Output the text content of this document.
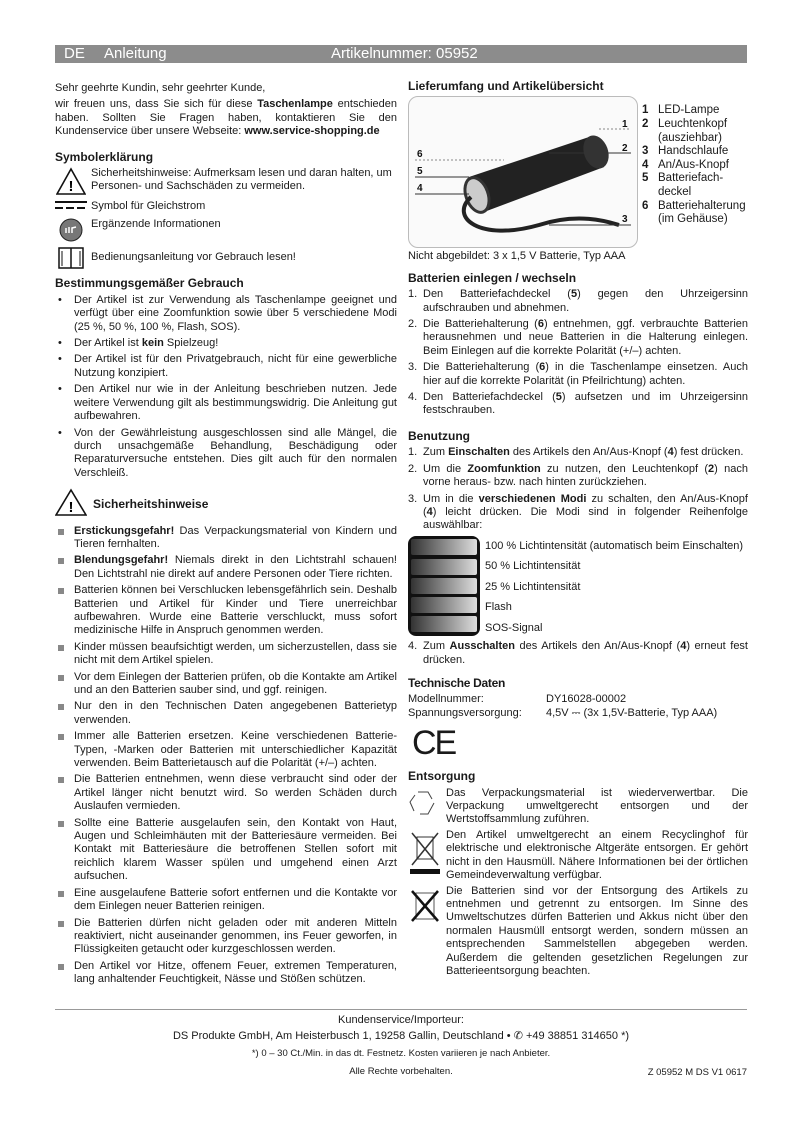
DE Anleitung	Artikelnummer: 05952

Sehr geehrte Kundin, sehr geehrter Kunde,

wir freuen uns, dass Sie sich für diese Taschenlampe entschieden haben. Sollten Sie Fragen haben, kontaktieren Sie den Kundenservice über unsere Webseite: www.service-shopping.de

Symbolerklärung
!
Sicherheitshinweise: Aufmerksam lesen und daran halten, um Personen- und Sachschäden zu vermeiden.
Symbol für Gleichstrom
Ergänzende Informationen
Bedienungsanleitung vor Gebrauch lesen!
Bestimmungsgemäßer Gebrauch
• Der Artikel ist zur Verwendung als Taschenlampe geeignet und verfügt über eine Zoomfunktion sowie über 5 verschiedene Modi (25 %, 50 %, 100 %, Flash, SOS).
• Der Artikel ist kein Spielzeug!
• Der Artikel ist für den Privatgebrauch, nicht für eine gewerbliche Nutzung konzipiert.
• Den Artikel nur wie in der Anleitung beschrieben nutzen. Jede weitere Verwendung gilt als bestimmungswidrig. Die Anleitung gut aufbewahren.
• Von der Gewährleistung ausgeschlossen sind alle Mängel, die durch unsachgemäße Behandlung, Beschädigung oder Reparaturversuche entstehen. Dies gilt auch für den normalen Verschleiß.
! Sicherheitshinweise
Erstickungsgefahr! Das Verpackungsmaterial von Kindern und Tieren fernhalten.
Blendungsgefahr! Niemals direkt in den Lichtstrahl schauen! Den Lichtstrahl nie direkt auf andere Personen oder Tiere richten.
Batterien können bei Verschlucken lebensgefährlich sein. Deshalb Batterien und Artikel für Kinder und Tiere unerreichbar aufbewahren. Wurde eine Batterie verschluckt, muss sofort medizinische Hilfe in Anspruch genommen werden.
Kinder müssen beaufsichtigt werden, um sicherzustellen, dass sie nicht mit dem Artikel spielen.
Vor dem Einlegen der Batterien prüfen, ob die Kontakte am Artikel und an den Batterien sauber sind, und ggf. reinigen.
Nur den in den Technischen Daten angegebenen Batterietyp verwenden.
Immer alle Batterien ersetzen. Keine verschiedenen Batterie-Typen, -Marken oder Batterien mit unterschiedlicher Kapazität verwenden. Beim Batterietausch auf die Polarität (+/–) achten.
Die Batterien entnehmen, wenn diese verbraucht sind oder der Artikel länger nicht benutzt wird. So werden Schäden durch Auslaufen vermieden.
Sollte eine Batterie ausgelaufen sein, den Kontakt von Haut, Augen und Schleimhäuten mit der Batteriesäure vermeiden. Bei Kontakt mit Batteriesäure die betroffenen Stellen sofort mit reichlich klarem Wasser spülen und umgehend einen Arzt aufsuchen.
Eine ausgelaufene Batterie sofort entfernen und die Kontakte vor dem Einlegen neuer Batterien reinigen.
Die Batterien dürfen nicht geladen oder mit anderen Mitteln reaktiviert, nicht auseinander genommen, ins Feuer geworfen, in Flüssigkeiten getaucht oder kurzgeschlossen werden.
Den Artikel vor Hitze, offenem Feuer, extremen Temperaturen, lang anhaltender Feuchtigkeit, Nässe und Stößen schützen.
Lieferumfang und Artikelübersicht
1
2
3
4
5
6
1 LED-Lampe
2 Leuchtenkopf (ausziehbar)
3 Handschlaufe
4 An/Aus-Knopf
5 Batteriefach-deckel
6 Batteriehalterung (im Gehäuse)

Nicht abgebildet: 3 x 1,5 V Batterie, Typ AAA

Batterien einlegen / wechseln
1. Den Batteriefachdeckel (5) gegen den Uhrzeigersinn aufschrauben und abnehmen.
2. Die Batteriehalterung (6) entnehmen, ggf. verbrauchte Batterien herausnehmen und neue Batterien in die Halterung einlegen. Beim Einlegen auf die korrekte Polarität (+/–) achten.
3. Die Batteriehalterung (6) in die Taschenlampe einsetzen. Auch hier auf die korrekte Polarität (in Pfeilrichtung) achten.
4. Den Batteriefachdeckel (5) aufsetzen und im Uhrzeigersinn festschrauben.
Benutzung
1. Zum Einschalten des Artikels den An/Aus-Knopf (4) fest drücken.
2. Um die Zoomfunktion zu nutzen, den Leuchtenkopf (2) nach vorne heraus- bzw. nach hinten zurückziehen.
3. Um in die verschiedenen Modi zu schalten, den An/Aus-Knopf (4) leicht drücken. Die Modi sind in folgender Reihenfolge auswählbar:
100 % Lichtintensität (automatisch beim Einschalten)
50 % Lichtintensität
25 % Lichtintensität
Flash
SOS-Signal
4. Zum Ausschalten des Artikels den An/Aus-Knopf (4) erneut fest drücken.
Technische Daten
Modellnummer:	DY16028-00002
Spannungsversorgung:	4,5V ⎓ (3x 1,5V-Batterie, Typ AAA)
CE
Entsorgung
Das Verpackungsmaterial ist wiederverwertbar. Die Verpackung umweltgerecht entsorgen und der Wertstoffsammlung zuführen.
Den Artikel umweltgerecht an einem Recyclinghof für elektrische und elektronische Altgeräte entsorgen. Er gehört nicht in den Hausmüll. Nähere Informationen bei der örtlichen Gemeindeverwaltung verfügbar.
Die Batterien sind vor der Entsorgung des Artikels zu entnehmen und getrennt zu entsorgen. Im Sinne des Umweltschutzes dürfen Batterien und Akkus nicht über den normalen Hausmüll entsorgt werden, sondern müssen an entsprechenden Sammelstellen abgegeben werden. Außerdem die geltenden gesetzlichen Regelungen zur Batterieentsorgung beachten.
Kundenservice/Importeur:
DS Produkte GmbH, Am Heisterbusch 1, 19258 Gallin, Deutschland • ✆ +49 38851 314650 *)
*) 0 – 30 Ct./Min. in das dt. Festnetz. Kosten variieren je nach Anbieter.
Alle Rechte vorbehalten.	Z 05952 M DS V1 0617
